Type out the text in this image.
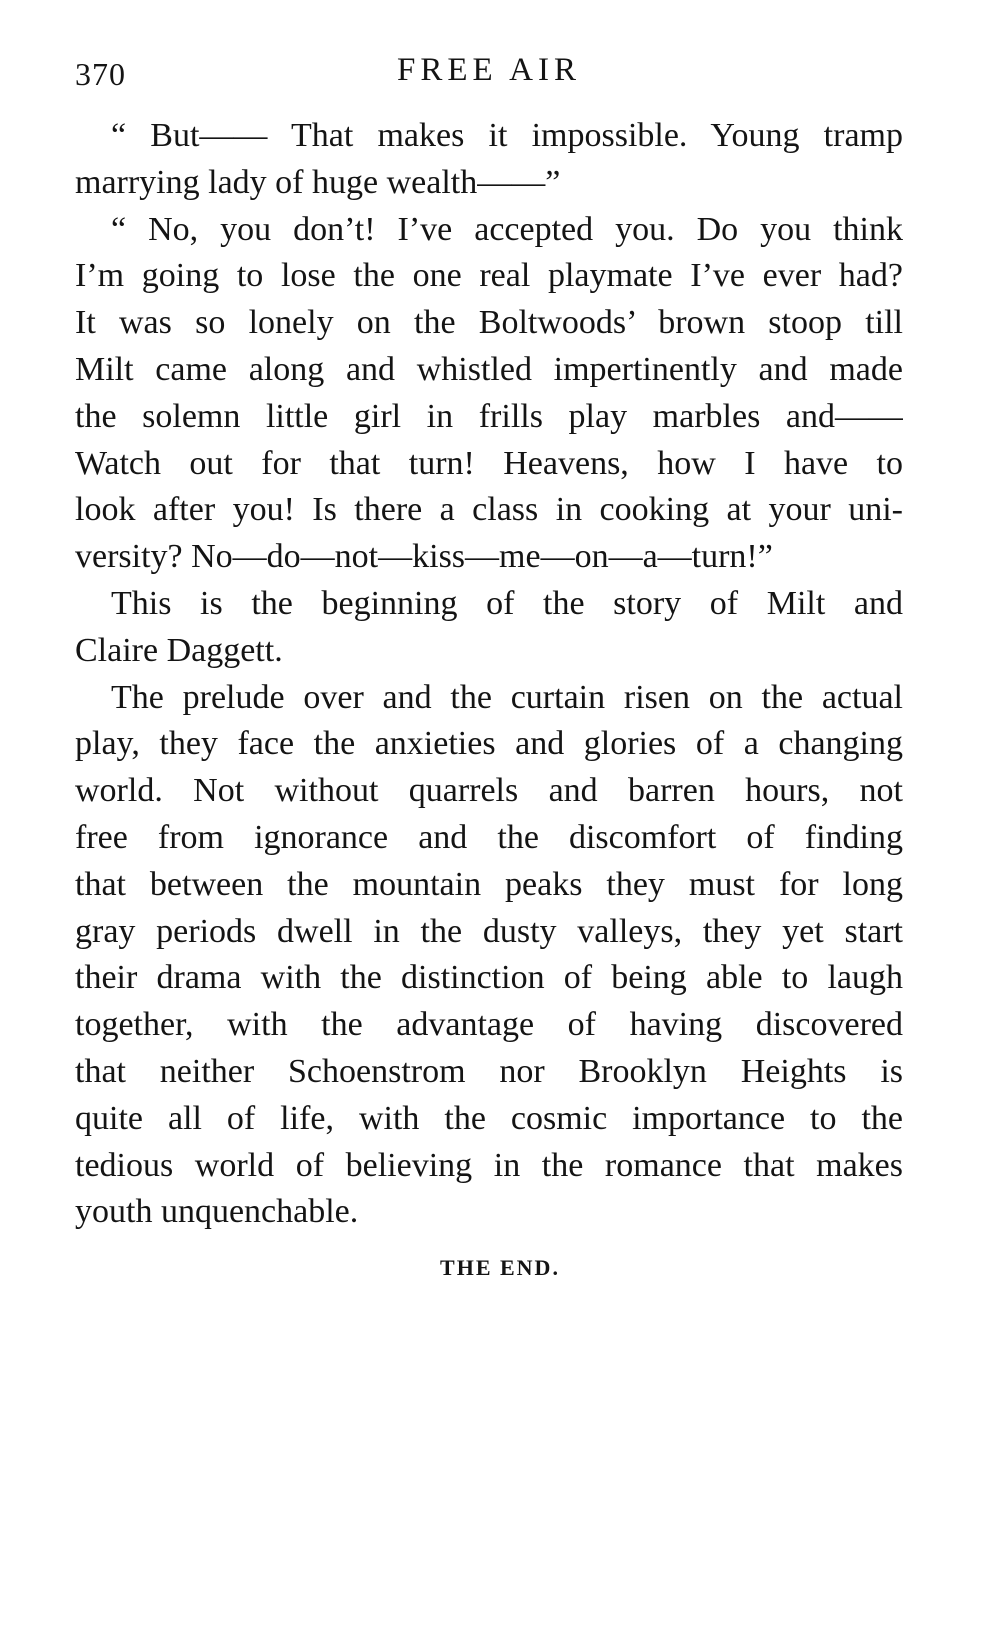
370	FREE AIR
“ But—— That makes it impossible. Young tramp
marrying lady of huge wealth——”
“ No, you don’t! I’ve accepted you. Do you think
I’m going to lose the one real playmate I’ve ever had?
It was so lonely on the Boltwoods’ brown stoop till
Milt came along and whistled impertinently and made
the solemn little girl in frills play marbles and——
Watch out for that turn! Heavens, how I have to
look after you! Is there a class in cooking at your uni-
versity? No—do—not—kiss—me—on—a—turn!”
This is the beginning of the story of Milt and
Claire Daggett.
The prelude over and the curtain risen on the actual
play, they face the anxieties and glories of a changing
world. Not without quarrels and barren hours, not
free from ignorance and the discomfort of finding
that between the mountain peaks they must for long
gray periods dwell in the dusty valleys, they yet start
their drama with the distinction of being able to laugh
together, with the advantage of having discovered
that neither Schoenstrom nor Brooklyn Heights is
quite all of life, with the cosmic importance to the
tedious world of believing in the romance that makes
youth unquenchable.
THE END.
